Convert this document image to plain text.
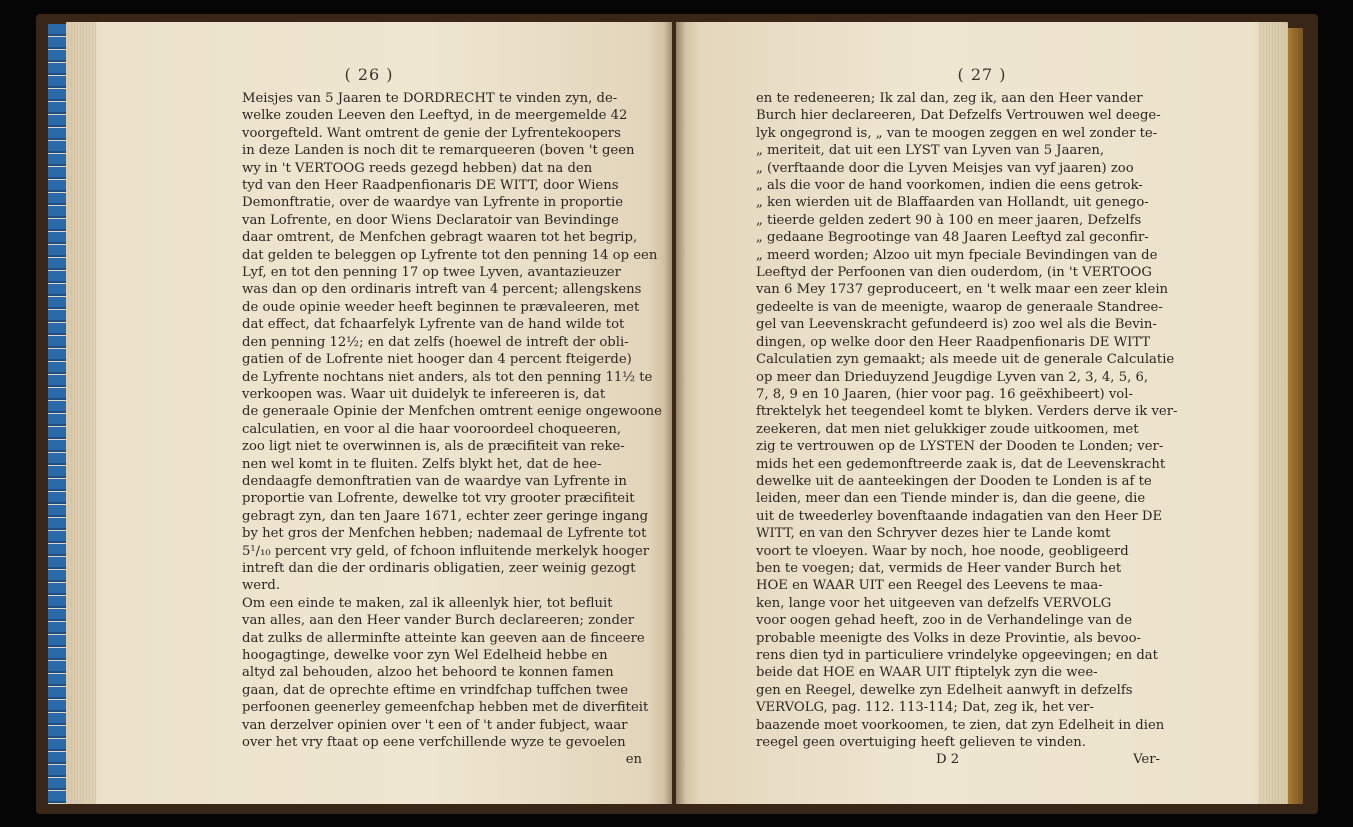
( 26 )
Meisjes van 5 Jaaren te DORDRECHT te vinden zyn, de-
welke zouden Leeven den Leeftyd, in de meergemelde 42
voorgefteld. Want omtrent de genie der Lyfrentekoopers
in deze Landen is noch dit te remarqueeren (boven 't geen
wy in 't VERTOOG reeds gezegd hebben) dat na den
tyd van den Heer Raadpenfionaris DE WITT, door Wiens
Demonftratie, over de waardye van Lyfrente in proportie
van Lofrente, en door Wiens Declaratoir van Bevindinge
daar omtrent, de Menfchen gebragt waaren tot het begrip,
dat gelden te beleggen op Lyfrente tot den penning 14 op een
Lyf, en tot den penning 17 op twee Lyven, avantazieuzer
was dan op den ordinaris intreft van 4 percent; allengskens
de oude opinie weeder heeft beginnen te prævaleeren, met
dat effect, dat fchaarfelyk Lyfrente van de hand wilde tot
den penning 12½; en dat zelfs (hoewel de intreft der obli-
gatien of de Lofrente niet hooger dan 4 percent fteigerde)
de Lyfrente nochtans niet anders, als tot den penning 11½ te
verkoopen was. Waar uit duidelyk te infereeren is, dat
de generaale Opinie der Menfchen omtrent eenige ongewoone
calculatien, en voor al die haar vooroordeel choqueeren,
zoo ligt niet te overwinnen is, als de præcifiteit van reke-
nen wel komt in te fluiten. Zelfs blykt het, dat de hee-
dendaagfe demonftratien van de waardye van Lyfrente in
proportie van Lofrente, dewelke tot vry grooter præcifiteit
gebragt zyn, dan ten Jaare 1671, echter zeer geringe ingang
by het gros der Menfchen hebben; nademaal de Lyfrente tot
5¹/₁₀ percent vry geld, of fchoon influitende merkelyk hooger
intreft dan die der ordinaris obligatien, zeer weinig gezogt
werd.
Om een einde te maken, zal ik alleenlyk hier, tot befluit
van alles, aan den Heer vander Burch declareeren; zonder
dat zulks de allerminfte atteinte kan geeven aan de finceere
hoogagtinge, dewelke voor zyn Wel Edelheid hebbe en
altyd zal behouden, alzoo het behoord te konnen famen
gaan, dat de oprechte eftime en vrindfchap tuffchen twee
perfoonen geenerley gemeenfchap hebben met de diverfiteit
van derzelver opinien over 't een of 't ander fubject, waar
over het vry ftaat op eene verfchillende wyze te gevoelen
en
( 27 )
en te redeneeren; Ik zal dan, zeg ik, aan den Heer vander
Burch hier declareeren, Dat Defzelfs Vertrouwen wel deege-
lyk ongegrond is, „ van te moogen zeggen en wel zonder te-
„ meriteit, dat uit een LYST van Lyven van 5 Jaaren,
„ (verftaande door die Lyven Meisjes van vyf jaaren) zoo
„ als die voor de hand voorkomen, indien die eens getrok-
„ ken wierden uit de Blaffaarden van Hollandt, uit genego-
„ tieerde gelden zedert 90 à 100 en meer jaaren, Defzelfs
„ gedaane Begrootinge van 48 Jaaren Leeftyd zal geconfir-
„ meerd worden; Alzoo uit myn fpeciale Bevindingen van de
Leeftyd der Perfoonen van dien ouderdom, (in 't VERTOOG
van 6 Mey 1737 geproduceert, en 't welk maar een zeer klein
gedeelte is van de meenigte, waarop de generaale Standree-
gel van Leevenskracht gefundeerd is) zoo wel als die Bevin-
dingen, op welke door den Heer Raadpenfionaris DE WITT
Calculatien zyn gemaakt; als meede uit de generale Calculatie
op meer dan Drieduyzend Jeugdige Lyven van 2, 3, 4, 5, 6,
7, 8, 9 en 10 Jaaren, (hier voor pag. 16 geëxhibeert) vol-
ftrektelyk het teegendeel komt te blyken. Verders derve ik ver-
zeekeren, dat men niet gelukkiger zoude uitkoomen, met
zig te vertrouwen op de LYSTEN der Dooden te Londen; ver-
mids het een gedemonftreerde zaak is, dat de Leevenskracht
dewelke uit de aanteekingen der Dooden te Londen is af te
leiden, meer dan een Tiende minder is, dan die geene, die
uit de tweederley bovenftaande indagatien van den Heer DE
WITT, en van den Schryver dezes hier te Lande komt
voort te vloeyen. Waar by noch, hoe noode, geobligeerd
ben te voegen; dat, vermids de Heer vander Burch het
HOE en WAAR UIT een Reegel des Leevens te maa-
ken, lange voor het uitgeeven van defzelfs VERVOLG
voor oogen gehad heeft, zoo in de Verhandelinge van de
probable meenigte des Volks in deze Provintie, als bevoo-
rens dien tyd in particuliere vrindelyke opgeevingen; en dat
beide dat HOE en WAAR UIT ftiptelyk zyn die wee-
gen en Reegel, dewelke zyn Edelheit aanwyft in defzelfs
VERVOLG, pag. 112. 113-114; Dat, zeg ik, het ver-
baazende moet voorkoomen, te zien, dat zyn Edelheit in dien
reegel geen overtuiging heeft gelieven te vinden.
D 2	Ver-
